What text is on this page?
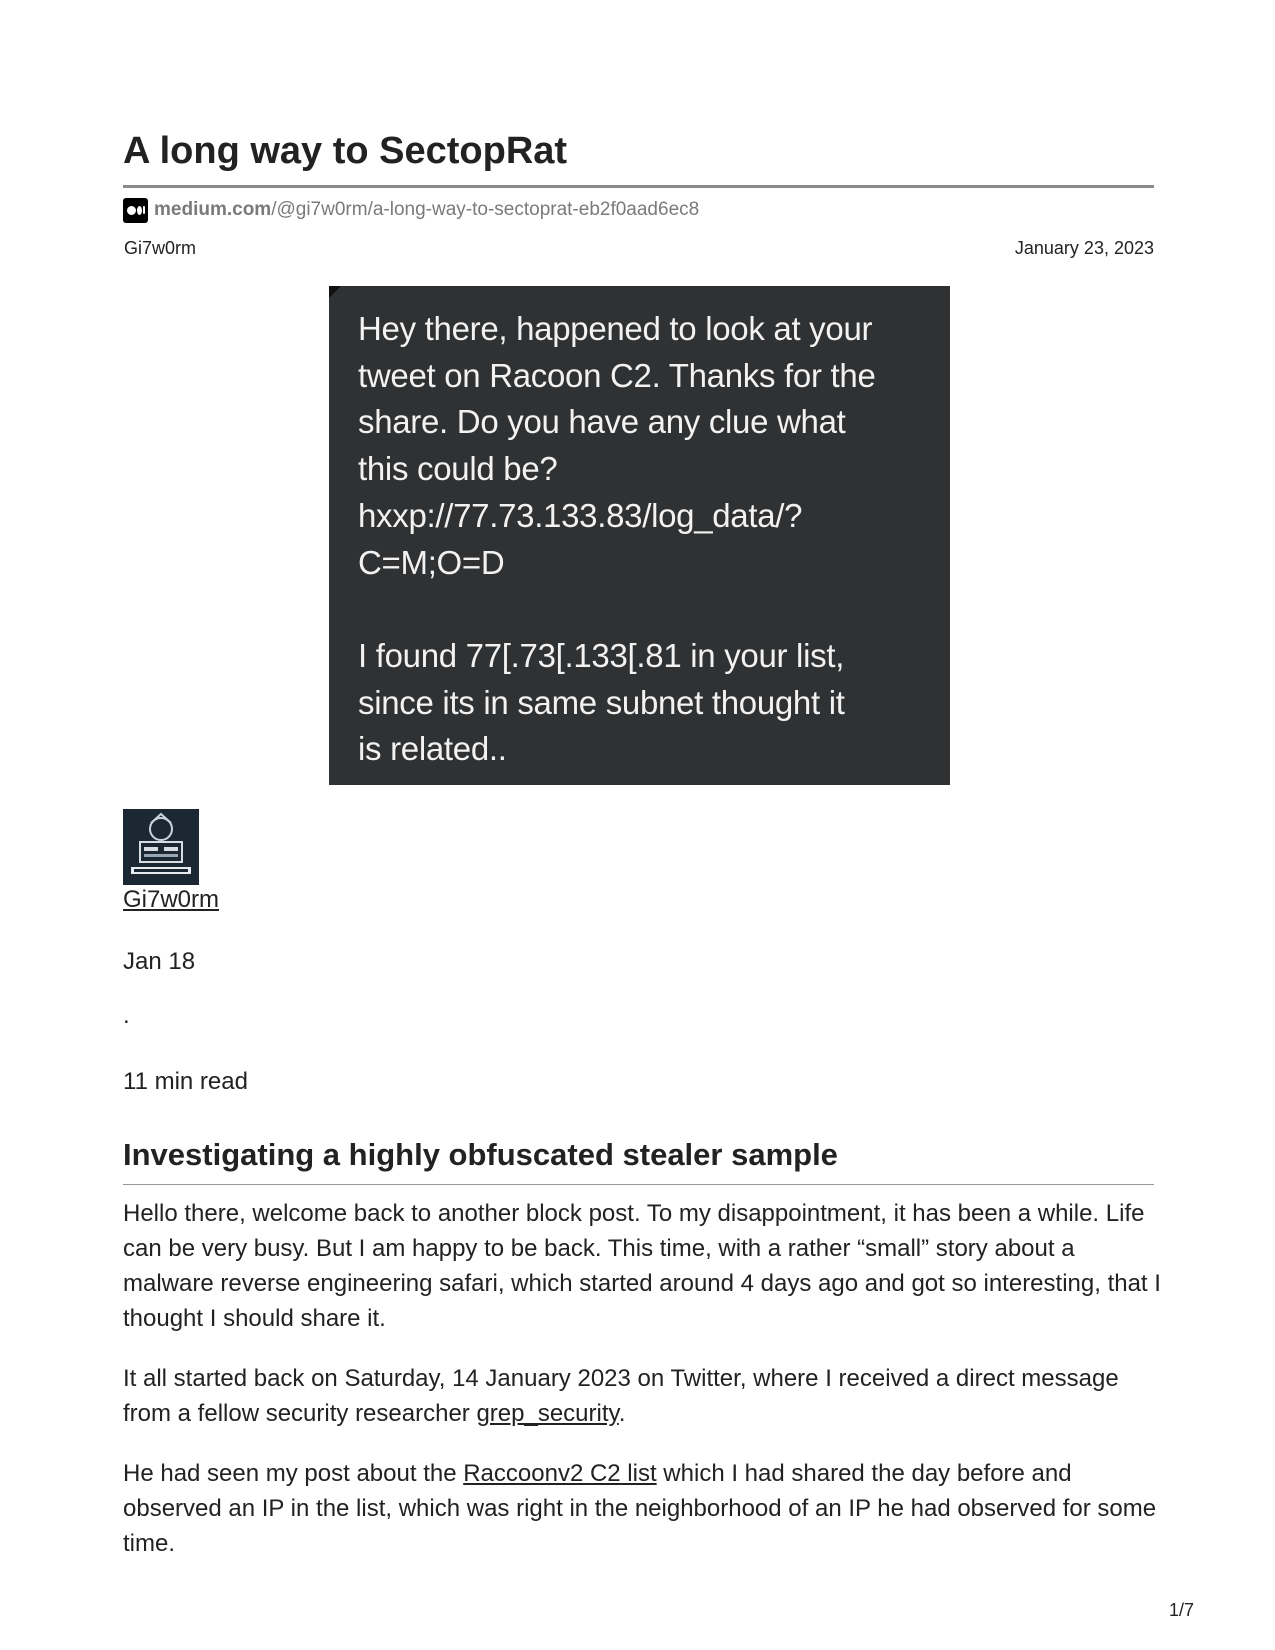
A long way to SectopRat
medium.com /@gi7w0rm/a-long-way-to-sectoprat-eb2f0aad6ec8
Gi7w0rm	January 23, 2023

Hey there, happened to look at your

tweet on Racoon C2. Thanks for the

share. Do you have any clue what

this could be?

hxxp://77.73.133.83/log_data/?

C=M;O=D

I found 77[.73[.133[.81 in your list,

since its in same subnet thought it

is related..

Gi7w0rm
Jan 18
.
11 min read
Investigating a highly obfuscated stealer sample

Hello there, welcome back to another block post. To my disappointment, it has been a while. Life can be very busy. But I am happy to be back. This time, with a rather “small” story about a malware reverse engineering safari, which started around 4 days ago and got so interesting, that I thought I should share it.

It all started back on Saturday, 14 January 2023 on Twitter, where I received a direct message from a fellow security researcher grep_security.

He had seen my post about the Raccoonv2 C2 list which I had shared the day before and observed an IP in the list, which was right in the neighborhood of an IP he had observed for some time.

1/7
